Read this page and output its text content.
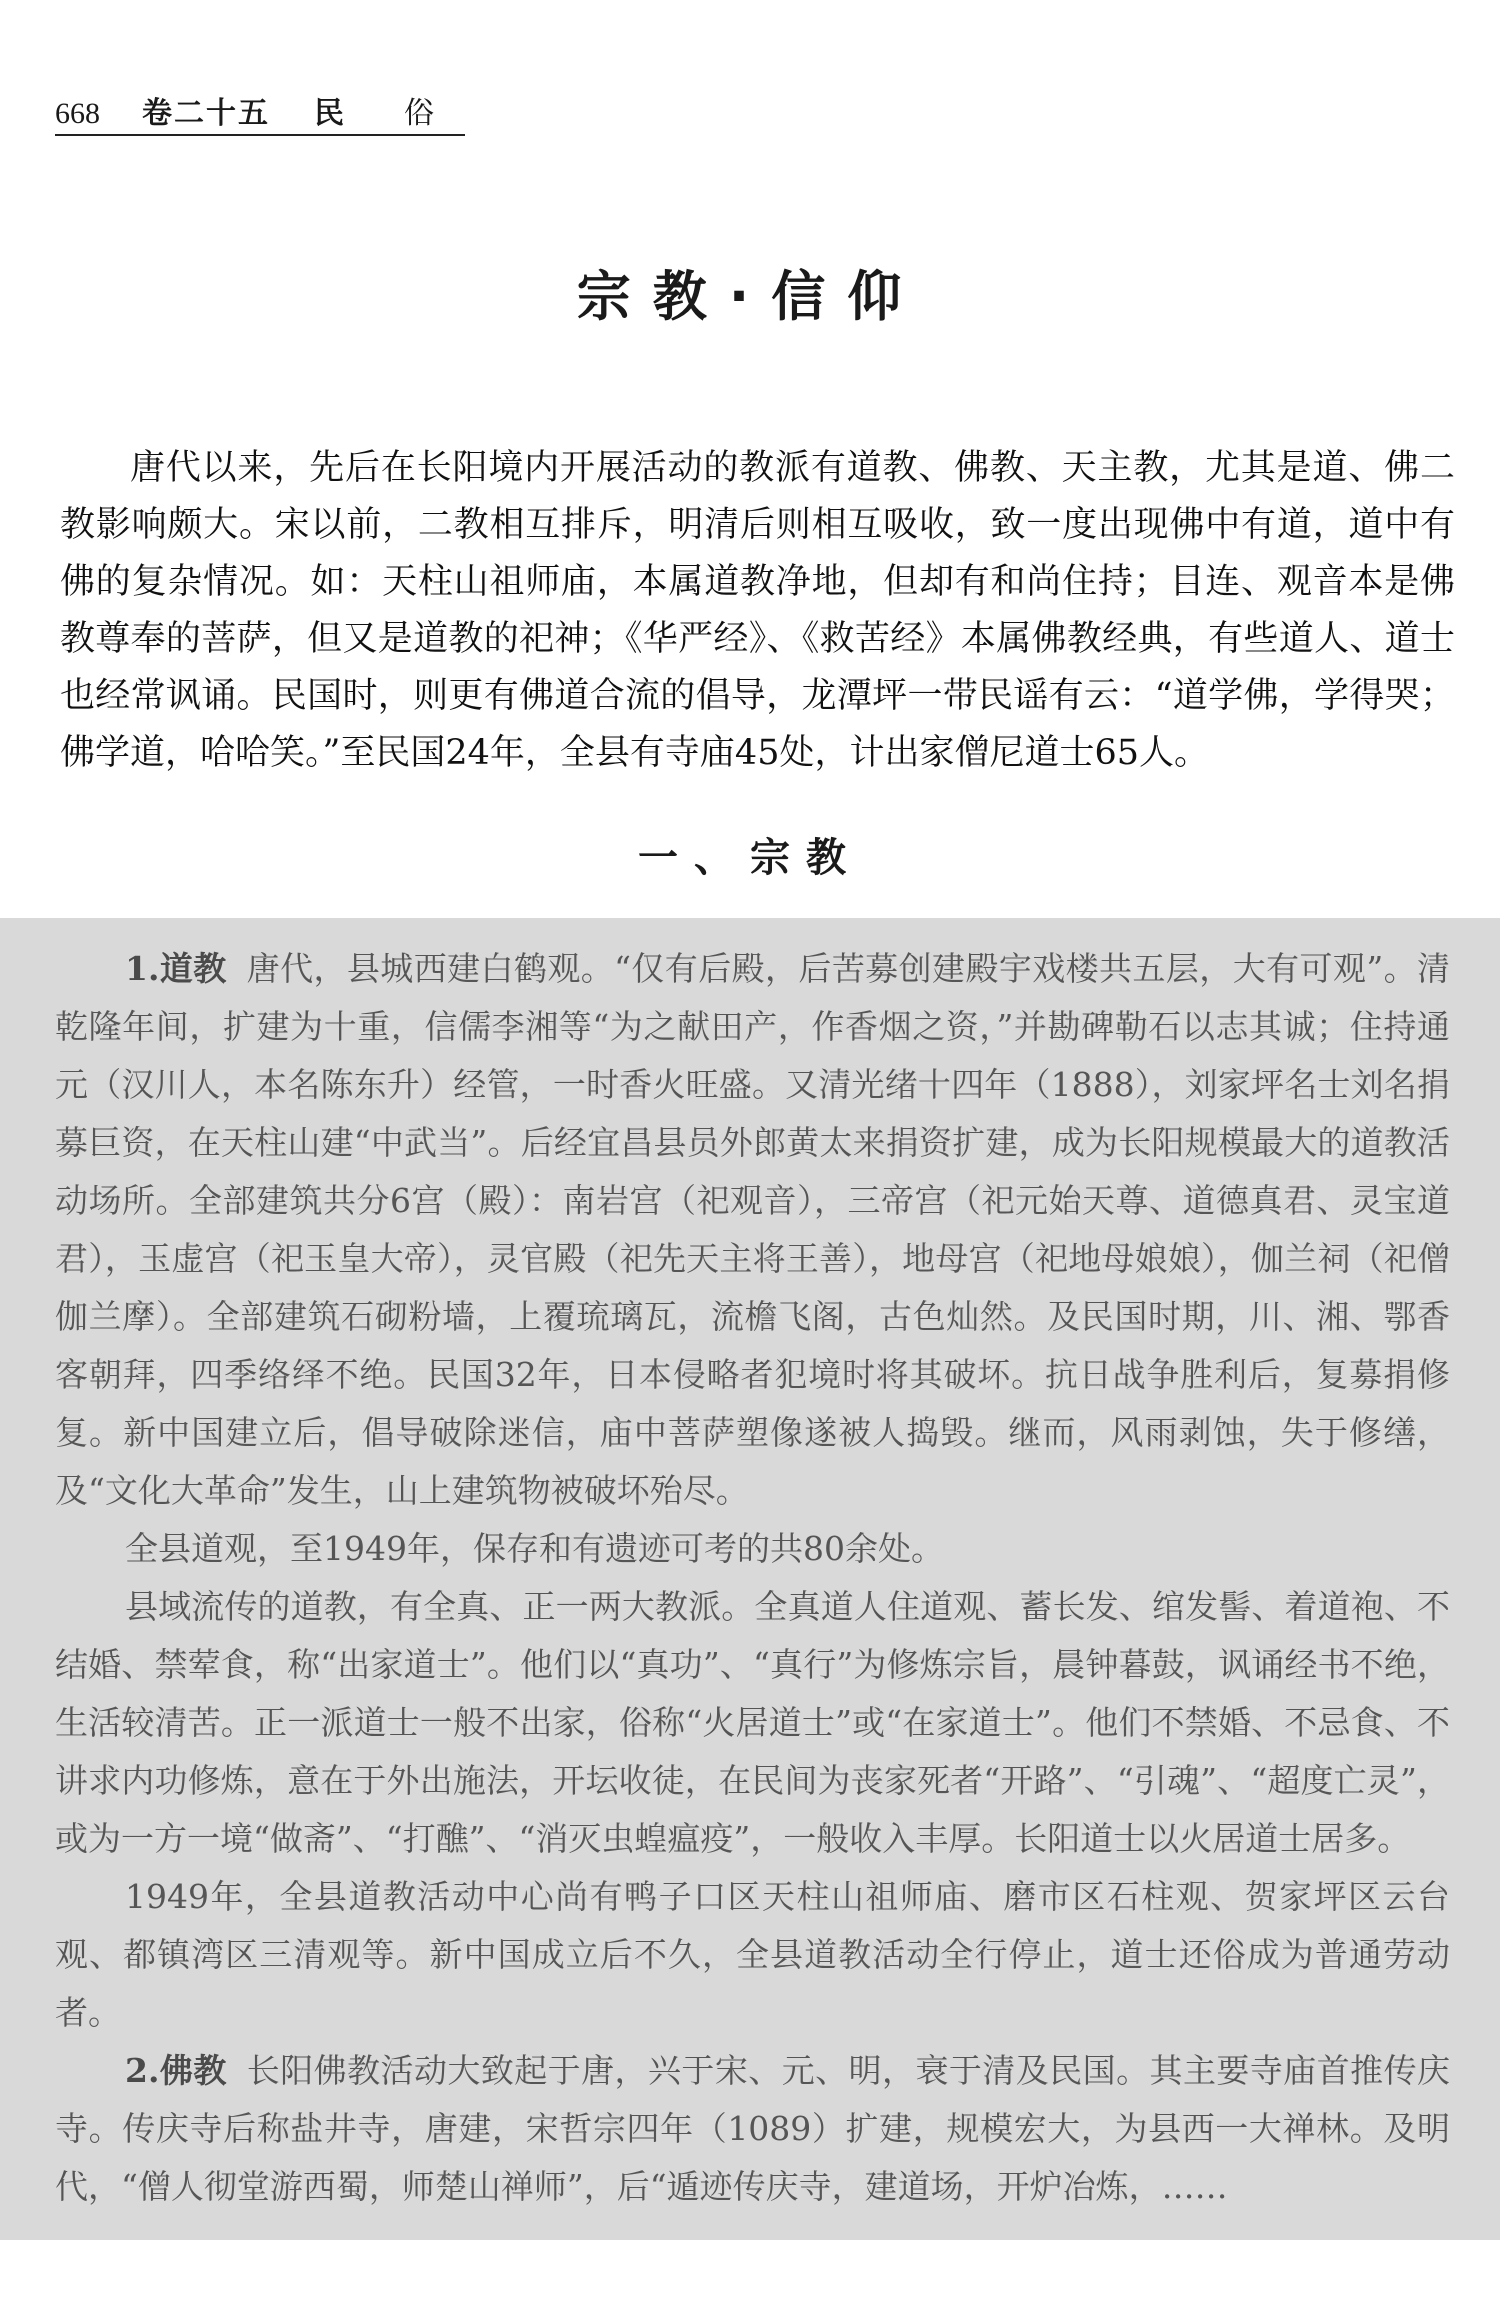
668 卷二十五 民 俗
宗教·信仰

唐代以来，先后在长阳境内开展活动的教派有道教、佛教、天主教，尤其是道、佛二教影响颇大。宋以前，二教相互排斥，明清后则相互吸收，致一度出现佛中有道，道中有佛的复杂情况。如：天柱山祖师庙，本属道教净地，但却有和尚住持；目连、观音本是佛教尊奉的菩萨，但又是道教的祀神；《华严经》、《救苦经》本属佛教经典，有些道人、道士也经常讽诵。民国时，则更有佛道合流的倡导，龙潭坪一带民谣有云：“道学佛，学得哭；佛学道，哈哈笑。”至民国24年，全县有寺庙45处，计出家僧尼道士65人。

一、宗教

1.道教 唐代，县城西建白鹤观。“仅有后殿，后苦募创建殿宇戏楼共五层，大有可观”。清乾隆年间，扩建为十重，信儒李湘等“为之献田产，作香烟之资，”并勘碑勒石以志其诚；住持通元（汉川人，本名陈东升）经管，一时香火旺盛。又清光绪十四年（1888），刘家坪名士刘名捐募巨资，在天柱山建“中武当”。后经宜昌县员外郎黄太来捐资扩建，成为长阳规模最大的道教活动场所。全部建筑共分6宫（殿）：南岩宫（祀观音），三帝宫（祀元始天尊、道德真君、灵宝道君），玉虚宫（祀玉皇大帝），灵官殿（祀先天主将王善），地母宫（祀地母娘娘），伽兰祠（祀僧伽兰摩）。全部建筑石砌粉墙，上覆琉璃瓦，流檐飞阁，古色灿然。及民国时期，川、湘、鄂香客朝拜，四季络绎不绝。民国32年，日本侵略者犯境时将其破坏。抗日战争胜利后，复募捐修复。新中国建立后，倡导破除迷信，庙中菩萨塑像遂被人捣毁。继而，风雨剥蚀，失于修缮，及“文化大革命”发生，山上建筑物被破坏殆尽。

全县道观，至1949年，保存和有遗迹可考的共80余处。

县域流传的道教，有全真、正一两大教派。全真道人住道观、蓄长发、绾发髻、着道袍、不结婚、禁荤食，称“出家道士”。他们以“真功”、“真行”为修炼宗旨，晨钟暮鼓，讽诵经书不绝，生活较清苦。正一派道士一般不出家，俗称“火居道士”或“在家道士”。他们不禁婚、不忌食、不讲求内功修炼，意在于外出施法，开坛收徒，在民间为丧家死者“开路”、“引魂”、“超度亡灵”，或为一方一境“做斋”、“打醮”、“消灭虫蝗瘟疫”，一般收入丰厚。长阳道士以火居道士居多。

1949年，全县道教活动中心尚有鸭子口区天柱山祖师庙、磨市区石柱观、贺家坪区云台观、都镇湾区三清观等。新中国成立后不久，全县道教活动全行停止，道士还俗成为普通劳动者。

2.佛教 长阳佛教活动大致起于唐，兴于宋、元、明，衰于清及民国。其主要寺庙首推传庆寺。传庆寺后称盐井寺，唐建，宋哲宗四年（1089）扩建，规模宏大，为县西一大禅林。及明代，“僧人彻堂游西蜀，师楚山禅师”，后“遁迹传庆寺，建道场，开炉冶炼，……
